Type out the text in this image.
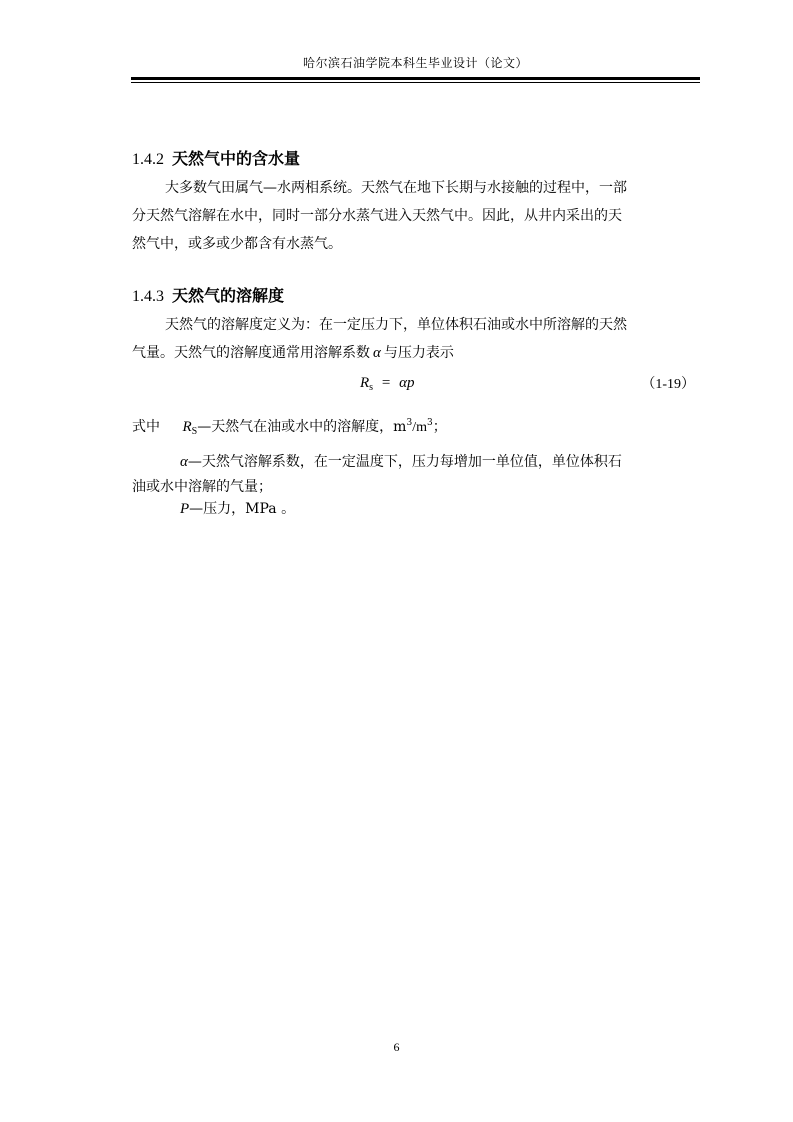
哈尔滨石油学院本科生毕业设计（论文）
1.4.2 天然气中的含水量
大多数气田属气—水两相系统。天然气在地下长期与水接触的过程中，一部
分天然气溶解在水中，同时一部分水蒸气进入天然气中。因此，从井内采出的天
然气中，或多或少都含有水蒸气。
1.4.3 天然气的溶解度
天然气的溶解度定义为：在一定压力下，单位体积石油或水中所溶解的天然
气量。天然气的溶解度通常用溶解系数 α 与压力表示
$R_s = \alpha p$	（1-19）
式中 $R_S—$天然气在油或水中的溶解度，$m^3/m^3$；
α—天然气溶解系数，在一定温度下，压力每增加一单位值，单位体积石
油或水中溶解的气量；
P—压力，MPa 。
6
